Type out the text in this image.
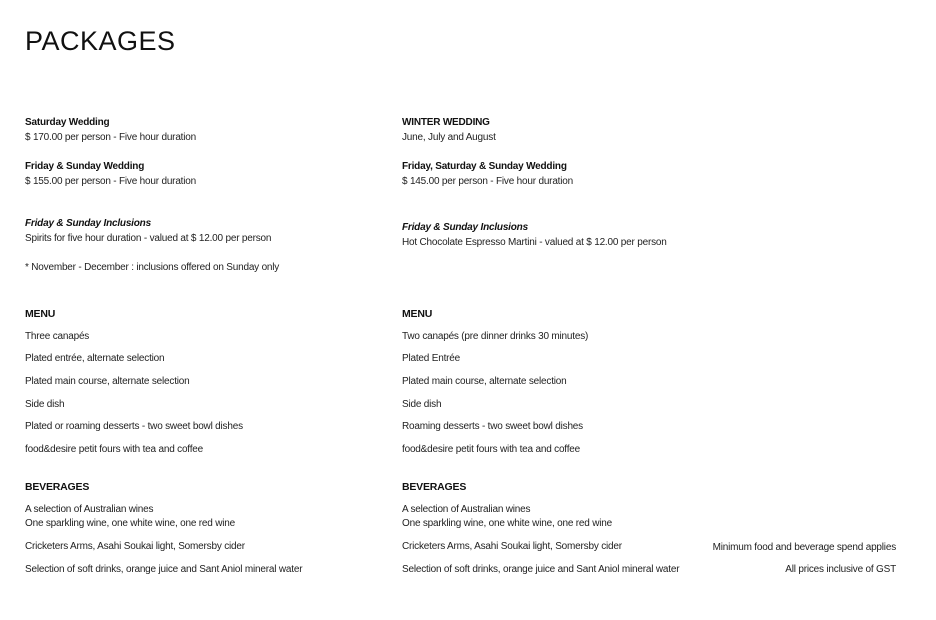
PACKAGES
Saturday Wedding
$ 170.00 per person - Five hour duration
Friday & Sunday Wedding
$ 155.00 per person - Five hour duration
Friday & Sunday Inclusions
Spirits for five hour duration - valued at $ 12.00 per person
* November - December : inclusions offered on Sunday only
MENU
Three canapés
Plated entrée, alternate selection
Plated main course, alternate selection
Side dish
Plated or roaming desserts - two sweet bowl dishes
food&desire petit fours with tea and coffee
BEVERAGES
A selection of Australian wines
One sparkling wine, one white wine, one red wine
Cricketers Arms, Asahi Soukai light, Somersby cider
Selection of soft drinks, orange juice and Sant Aniol mineral water
WINTER WEDDING
June, July and August
Friday, Saturday & Sunday Wedding
$ 145.00 per person - Five hour duration
Friday & Sunday Inclusions
Hot Chocolate Espresso Martini - valued at $ 12.00 per person
MENU
Two canapés (pre dinner drinks 30 minutes)
Plated Entrée
Plated main course, alternate selection
Side dish
Roaming desserts - two sweet bowl dishes
food&desire petit fours with tea and coffee
BEVERAGES
A selection of Australian wines
One sparkling wine, one white wine, one red wine
Cricketers Arms, Asahi Soukai light, Somersby cider
Selection of soft drinks, orange juice and Sant Aniol mineral water
Minimum food and beverage spend applies
All prices inclusive of GST
